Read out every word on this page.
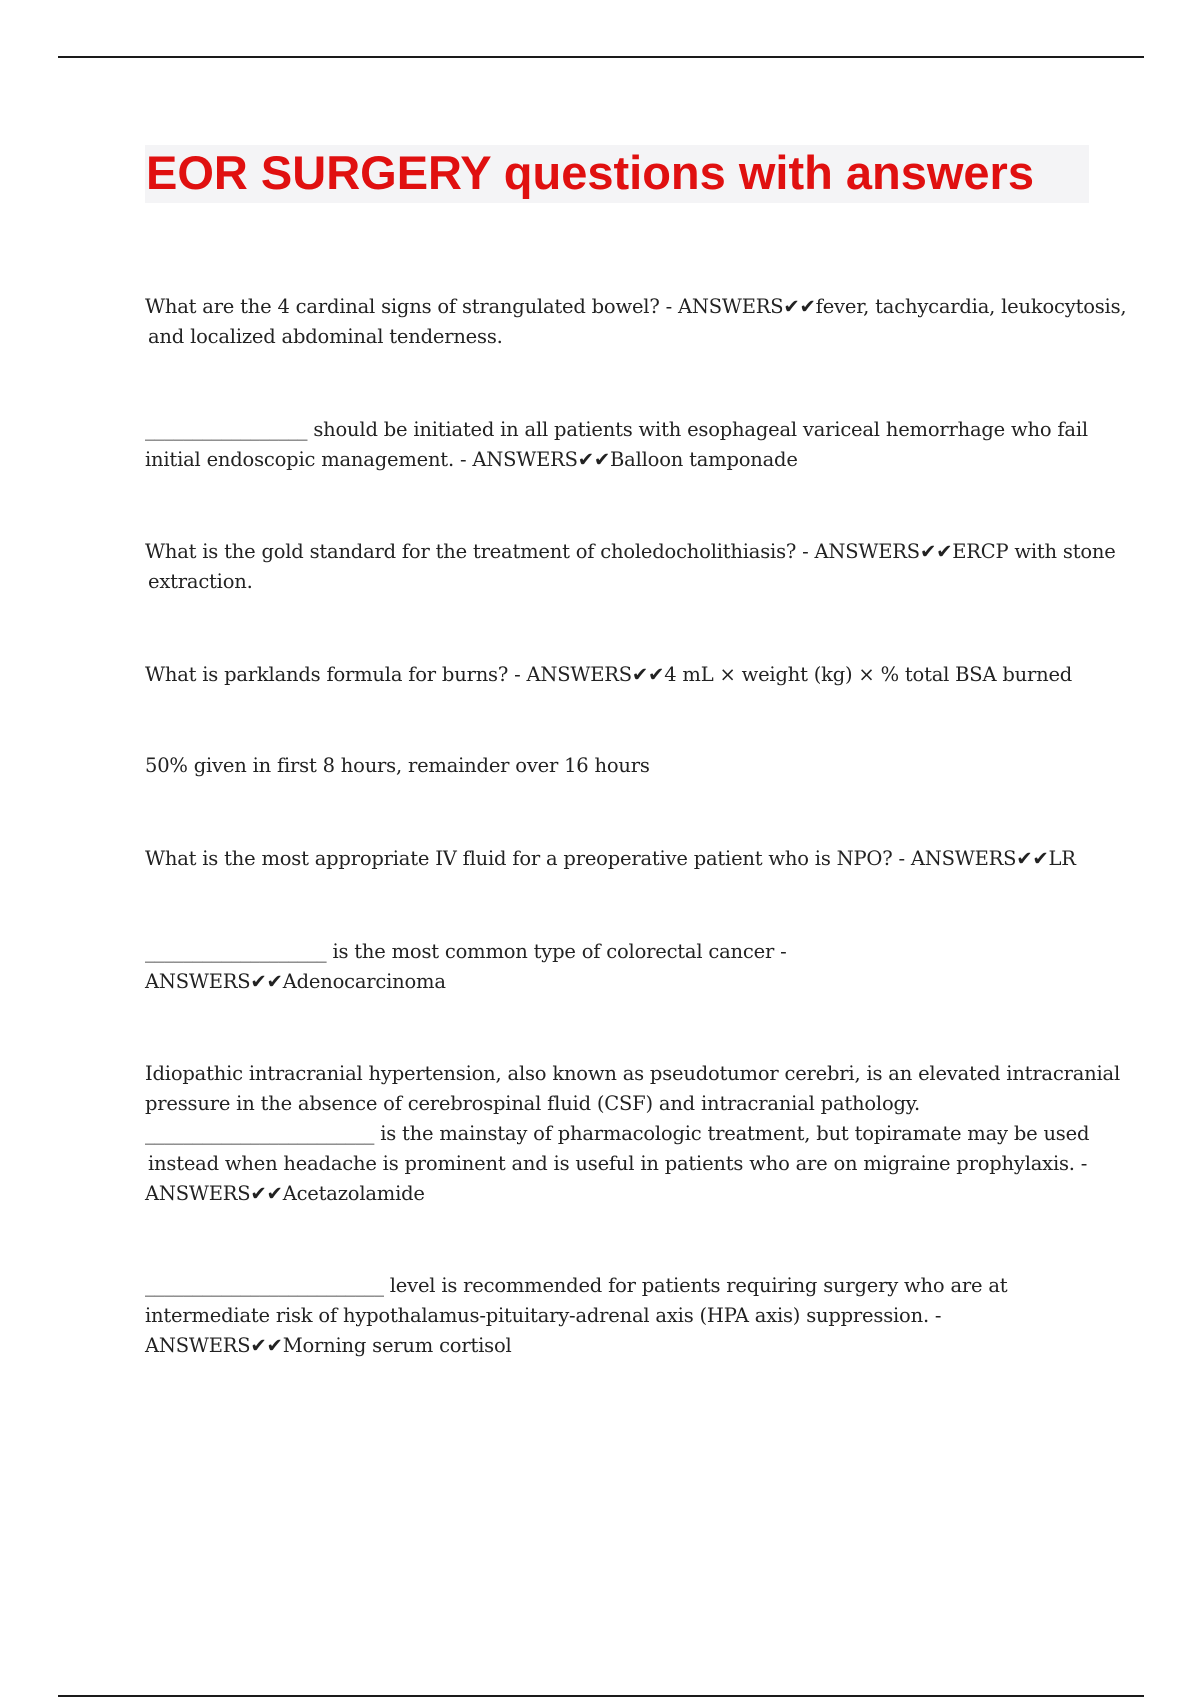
EOR SURGERY questions with answers
What are the 4 cardinal signs of strangulated bowel? - ANSWERS✔✔fever, tachycardia, leukocytosis,
and localized abdominal tenderness.
_________________ should be initiated in all patients with esophageal variceal hemorrhage who fail
initial endoscopic management. - ANSWERS✔✔Balloon tamponade
What is the gold standard for the treatment of choledocholithiasis? - ANSWERS✔✔ERCP with stone
extraction.
What is parklands formula for burns? - ANSWERS✔✔4 mL × weight (kg) × % total BSA burned
50% given in first 8 hours, remainder over 16 hours
What is the most appropriate IV fluid for a preoperative patient who is NPO? - ANSWERS✔✔LR
___________________ is the most common type of colorectal cancer -
ANSWERS✔✔Adenocarcinoma
Idiopathic intracranial hypertension, also known as pseudotumor cerebri, is an elevated intracranial
pressure in the absence of cerebrospinal fluid (CSF) and intracranial pathology.
________________________ is the mainstay of pharmacologic treatment, but topiramate may be used
instead when headache is prominent and is useful in patients who are on migraine prophylaxis. -
ANSWERS✔✔Acetazolamide
_________________________ level is recommended for patients requiring surgery who are at
intermediate risk of hypothalamus-pituitary-adrenal axis (HPA axis) suppression. -
ANSWERS✔✔Morning serum cortisol
